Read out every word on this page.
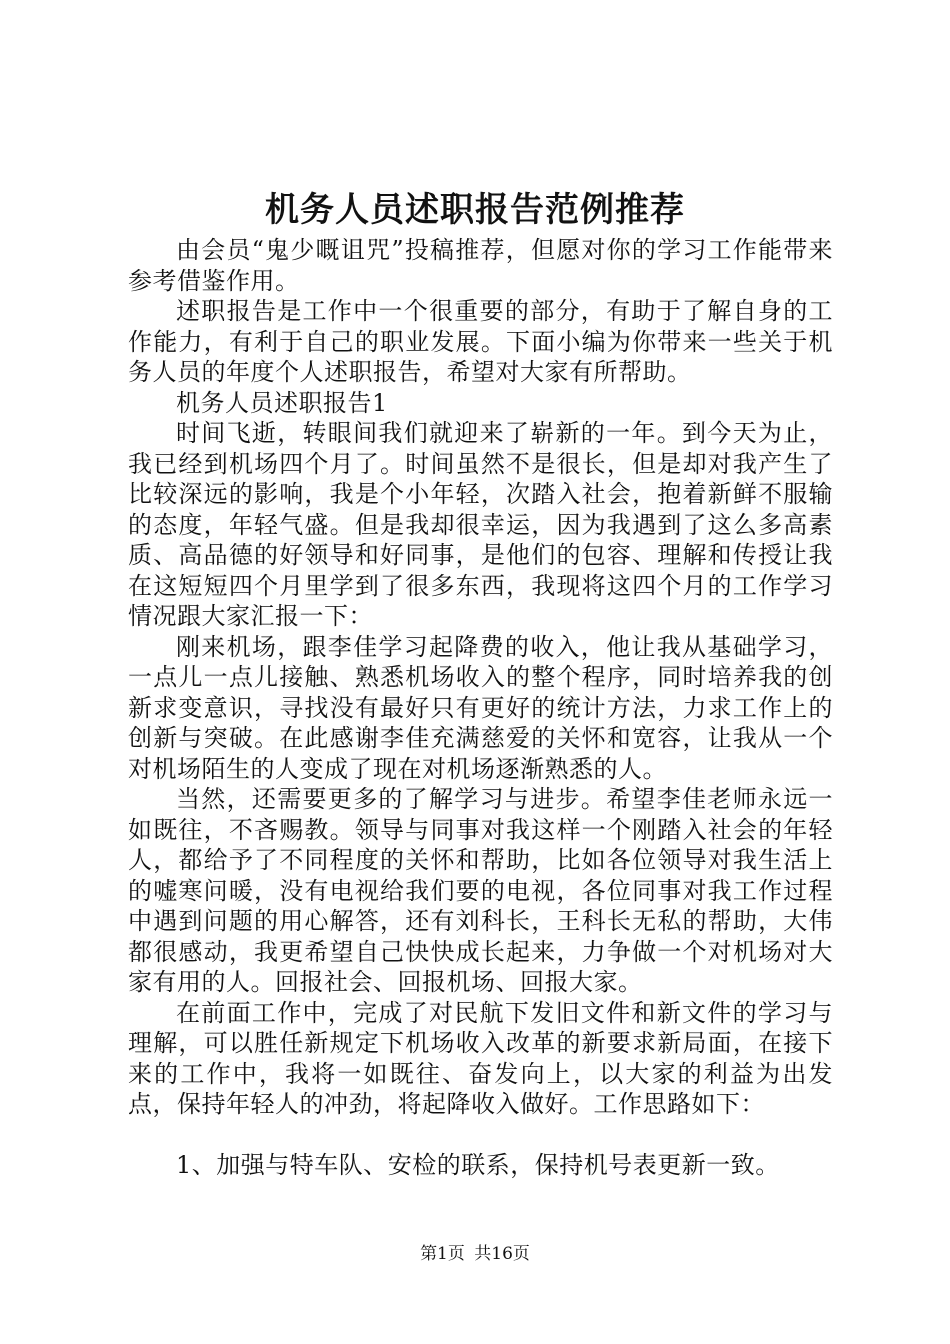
机务人员述职报告范例推荐

由会员“鬼少嘅诅咒”投稿推荐，但愿对你的学习工作能带来参考借鉴作用。

述职报告是工作中一个很重要的部分，有助于了解自身的工作能力，有利于自己的职业发展。下面小编为你带来一些关于机务人员的年度个人述职报告，希望对大家有所帮助。

机务人员述职报告1

时间飞逝，转眼间我们就迎来了崭新的一年。到今天为止，我已经到机场四个月了。时间虽然不是很长，但是却对我产生了比较深远的影响，我是个小年轻，次踏入社会，抱着新鲜不服输的态度，年轻气盛。但是我却很幸运，因为我遇到了这么多高素质、高品德的好领导和好同事，是他们的包容、理解和传授让我在这短短四个月里学到了很多东西，我现将这四个月的工作学习情况跟大家汇报一下：

刚来机场，跟李佳学习起降费的收入，他让我从基础学习，一点儿一点儿接触、熟悉机场收入的整个程序，同时培养我的创新求变意识，寻找没有最好只有更好的统计方法，力求工作上的创新与突破。在此感谢李佳充满慈爱的关怀和宽容，让我从一个对机场陌生的人变成了现在对机场逐渐熟悉的人。

当然，还需要更多的了解学习与进步。希望李佳老师永远一如既往，不吝赐教。领导与同事对我这样一个刚踏入社会的年轻人，都给予了不同程度的关怀和帮助，比如各位领导对我生活上的嘘寒问暖，没有电视给我们要的电视，各位同事对我工作过程中遇到问题的用心解答，还有刘科长，王科长无私的帮助，大伟都很感动，我更希望自己快快成长起来，力争做一个对机场对大家有用的人。回报社会、回报机场、回报大家。

在前面工作中，完成了对民航下发旧文件和新文件的学习与理解，可以胜任新规定下机场收入改革的新要求新局面，在接下来的工作中，我将一如既往、奋发向上，以大家的利益为出发点，保持年轻人的冲劲，将起降收入做好。工作思路如下：

1、加强与特车队、安检的联系，保持机号表更新一致。

第1页 共16页
